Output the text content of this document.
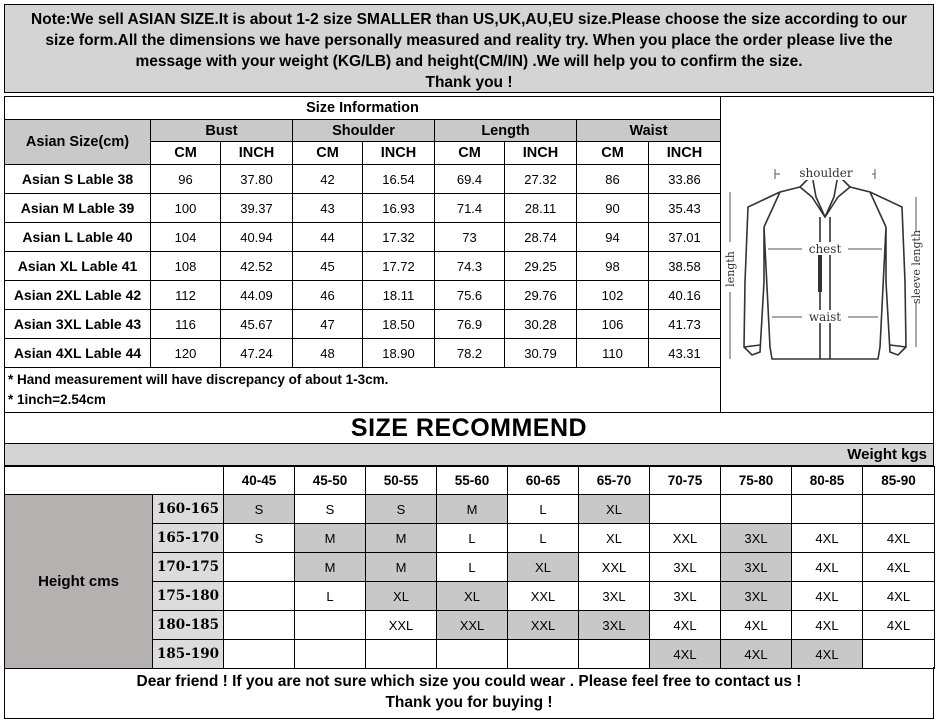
Note:We sell ASIAN SIZE.It is about 1-2 size SMALLER than US,UK,AU,EU size.Please choose the size according to our
size form.All the dimensions we have personally measured and reality try. When you place the order please live the
message with your weight (KG/LB) and height(CM/IN) .We will help you to confirm the size.
Thank you !
Size Information								
Asian Size(cm)	Bust		Shoulder		Length		Waist	
	CM	INCH	CM	INCH	CM	INCH	CM	INCH
Asian S Lable 38	96	37.80	42	16.54	69.4	27.32	86	33.86
Asian M Lable 39	100	39.37	43	16.93	71.4	28.11	90	35.43
Asian L Lable 40	104	40.94	44	17.32	73	28.74	94	37.01
Asian XL Lable 41	108	42.52	45	17.72	74.3	29.25	98	38.58
Asian 2XL Lable 42	112	44.09	46	18.11	75.6	29.76	102	40.16
Asian 3XL Lable 43	116	45.67	47	18.50	76.9	30.28	106	41.73
Asian 4XL Lable 44	120	47.24	48	18.90	78.2	30.79	110	43.31

* Hand measurement will have discrepancy of about 1-3cm.
* 1inch=2.54cm								
shoulder
chest
waist
length	sleeve length
SIZE RECOMMEND
Weight kgs
		40-45	45-50	50-55	55-60	60-65	65-70	70-75	75-80	80-85	85-90
Height cms	160-165	S	S	S	M	L	XL				
	165-170	S	M	M	L	L	XL	XXL	3XL	4XL	4XL
	170-175		M	M	L	XL	XXL	3XL	3XL	4XL	4XL
	175-180		L	XL	XL	XXL	3XL	3XL	3XL	4XL	4XL
	180-185			XXL	XXL	XXL	3XL	4XL	4XL	4XL	4XL
	185-190							4XL	4XL	4XL	
Dear friend ! If you are not sure which size you could wear . Please feel free to contact us !
Thank you for buying !
